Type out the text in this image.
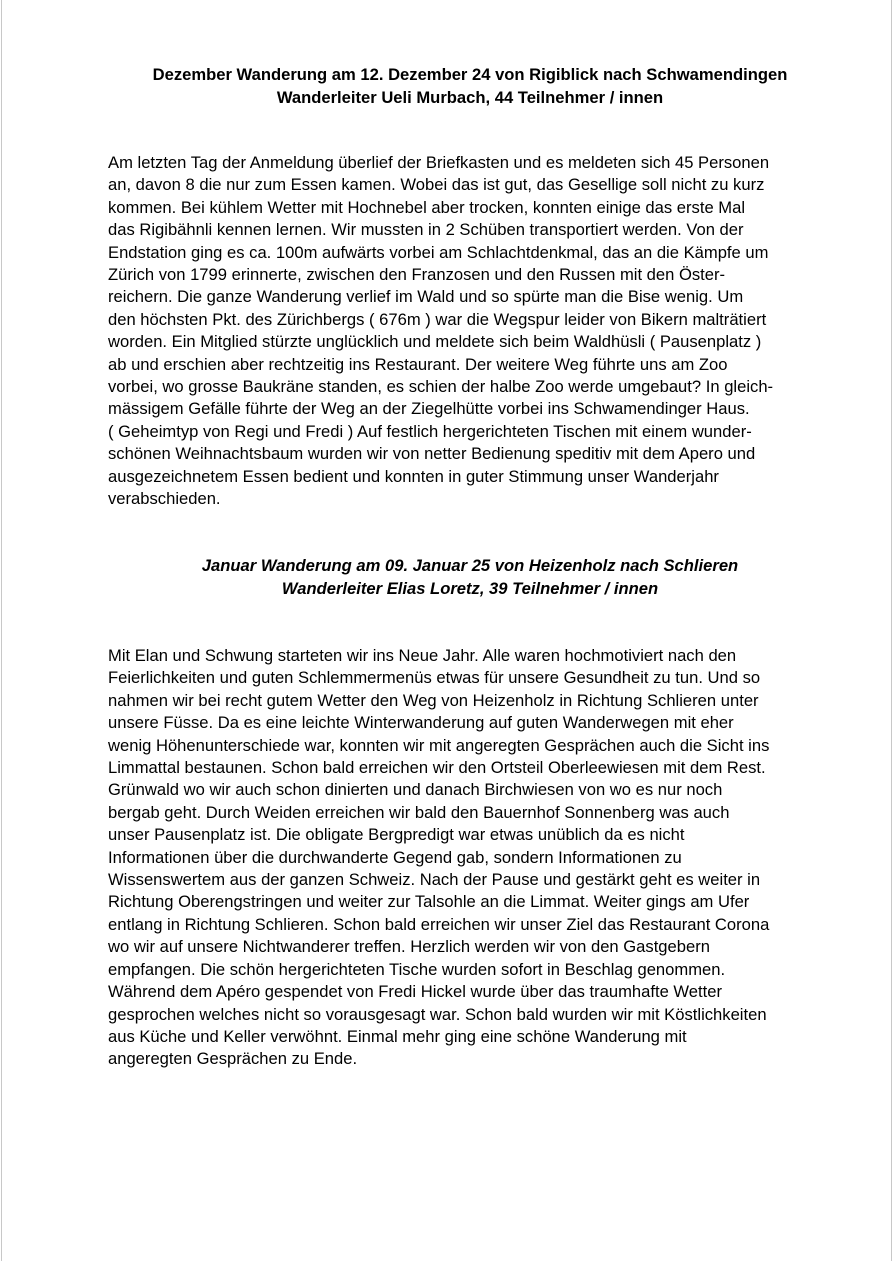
Dezember Wanderung am 12. Dezember 24 von Rigiblick nach Schwamendingen
Wanderleiter Ueli Murbach, 44 Teilnehmer / innen
Am letzten Tag der Anmeldung überlief der Briefkasten und es meldeten sich 45 Personen
an, davon 8 die nur zum Essen kamen. Wobei das ist gut, das Gesellige soll nicht zu kurz
kommen. Bei kühlem Wetter mit Hochnebel aber trocken, konnten einige das erste Mal
das Rigibähnli kennen lernen. Wir mussten in 2 Schüben transportiert werden. Von der
Endstation ging es ca. 100m aufwärts vorbei am Schlachtdenkmal, das an die Kämpfe um
Zürich von 1799 erinnerte, zwischen den Franzosen und den Russen mit den Öster-
reichern. Die ganze Wanderung verlief im Wald und so spürte man die Bise wenig. Um
den höchsten Pkt. des Zürichbergs ( 676m ) war die Wegspur leider von Bikern malträtiert
worden. Ein Mitglied stürzte unglücklich und meldete sich beim Waldhüsli ( Pausenplatz )
ab und erschien aber rechtzeitig ins Restaurant. Der weitere Weg führte uns am Zoo
vorbei, wo grosse Baukräne standen, es schien der halbe Zoo werde umgebaut? In gleich-
mässigem Gefälle führte der Weg an der Ziegelhütte vorbei ins Schwamendinger Haus.
( Geheimtyp von Regi und Fredi ) Auf festlich hergerichteten Tischen mit einem wunder-
schönen Weihnachtsbaum wurden wir von netter Bedienung speditiv mit dem Apero und
ausgezeichnetem Essen bedient und konnten in guter Stimmung unser Wanderjahr
verabschieden.
Januar Wanderung am 09. Januar 25 von Heizenholz nach Schlieren
Wanderleiter Elias Loretz, 39 Teilnehmer / innen
Mit Elan und Schwung starteten wir ins Neue Jahr. Alle waren hochmotiviert nach den
Feierlichkeiten und guten Schlemmermenüs etwas für unsere Gesundheit zu tun. Und so
nahmen wir bei recht gutem Wetter den Weg von Heizenholz in Richtung Schlieren unter
unsere Füsse. Da es eine leichte Winterwanderung auf guten Wanderwegen mit eher
wenig Höhenunterschiede war, konnten wir mit angeregten Gesprächen auch die Sicht ins
Limmattal bestaunen. Schon bald erreichen wir den Ortsteil Oberleewiesen mit dem Rest.
Grünwald wo wir auch schon dinierten und danach Birchwiesen von wo es nur noch
bergab geht. Durch Weiden erreichen wir bald den Bauernhof Sonnenberg was auch
unser Pausenplatz ist. Die obligate Bergpredigt war etwas unüblich da es nicht
Informationen über die durchwanderte Gegend gab, sondern Informationen zu
Wissenswertem aus der ganzen Schweiz. Nach der Pause und gestärkt geht es weiter in
Richtung Oberengstringen und weiter zur Talsohle an die Limmat. Weiter gings am Ufer
entlang in Richtung Schlieren. Schon bald erreichen wir unser Ziel das Restaurant Corona
wo wir auf unsere Nichtwanderer treffen. Herzlich werden wir von den Gastgebern
empfangen. Die schön hergerichteten Tische wurden sofort in Beschlag genommen.
Während dem Apéro gespendet von Fredi Hickel wurde über das traumhafte Wetter
gesprochen welches nicht so vorausgesagt war. Schon bald wurden wir mit Köstlichkeiten
aus Küche und Keller verwöhnt. Einmal mehr ging eine schöne Wanderung mit
angeregten Gesprächen zu Ende.
